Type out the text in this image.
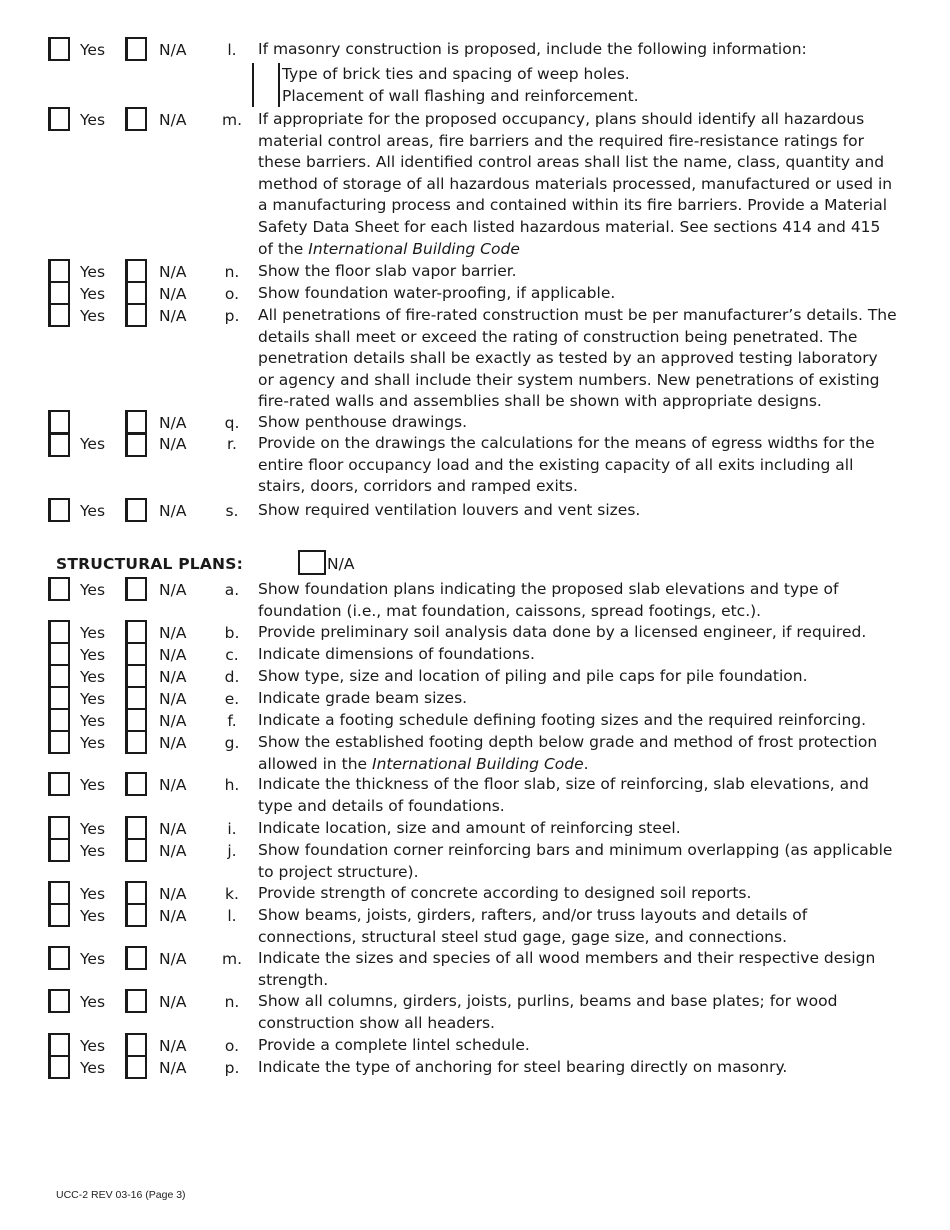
Yes	N/A	l.	If masonry construction is proposed, include the following information:
Type of brick ties and spacing of weep holes.
Placement of wall flashing and reinforcement.
Yes	N/A m. If appropriate for the proposed occupancy, plans should identify all hazardous material control areas, fire barriers and the required fire-resistance ratings for these barriers. All identified control areas shall list the name, class, quantity and method of storage of all hazardous materials processed, manufactured or used in a manufacturing process and contained within its fire barriers. Provide a Material Safety Data Sheet for each listed hazardous material. See sections 414 and 415 of the International Building Code
Yes	N/A n. Show the floor slab vapor barrier.
Yes	N/A	o.	Show foundation water-proofing, if applicable.
Yes	N/A p. All penetrations of fire-rated construction must be per manufacturer’s details. The details shall meet or exceed the rating of construction being penetrated. The penetration details shall be exactly as tested by an approved testing laboratory or agency and shall include their system numbers. New penetrations of existing fire-rated walls and assemblies shall be shown with appropriate designs.
N/A q. Show penthouse drawings.
Yes	N/A	r.	Provide on the drawings the calculations for the means of egress widths for the entire floor occupancy load and the existing capacity of all exits including all stairs, doors, corridors and ramped exits.
Yes	N/A	s.	Show required ventilation louvers and vent sizes.
STRUCTURAL PLANS:	N/A
Yes	N/A	a.	Show foundation plans indicating the proposed slab elevations and type of foundation (i.e., mat foundation, caissons, spread footings, etc.).
Yes	N/A b. Provide preliminary soil analysis data done by a licensed engineer, if required.
Yes	N/A	c.	Indicate dimensions of foundations.
Yes	N/A d. Show type, size and location of piling and pile caps for pile foundation.
Yes	N/A	e.	Indicate grade beam sizes.
Yes	N/A	f.	Indicate a footing schedule defining footing sizes and the required reinforcing.
Yes	N/A g. Show the established footing depth below grade and method of frost protection allowed in the International Building Code.
Yes	N/A h. Indicate the thickness of the floor slab, size of reinforcing, slab elevations, and type and details of foundations.
Yes	N/A	i.	Indicate location, size and amount of reinforcing steel.
Yes	N/A	j.	Show foundation corner reinforcing bars and minimum overlapping (as applicable to project structure).
Yes	N/A	k.	Provide strength of concrete according to designed soil reports.
Yes	N/A	l.	Show beams, joists, girders, rafters, and/or truss layouts and details of connections, structural steel stud gage, gage size, and connections.
Yes	N/A m. Indicate the sizes and species of all wood members and their respective design strength.
Yes	N/A n. Show all columns, girders, joists, purlins, beams and base plates; for wood construction show all headers.
Yes	N/A	o.	Provide a complete lintel schedule.
Yes	N/A p. Indicate the type of anchoring for steel bearing directly on masonry.
UCC-2 REV 03-16 (Page 3)
